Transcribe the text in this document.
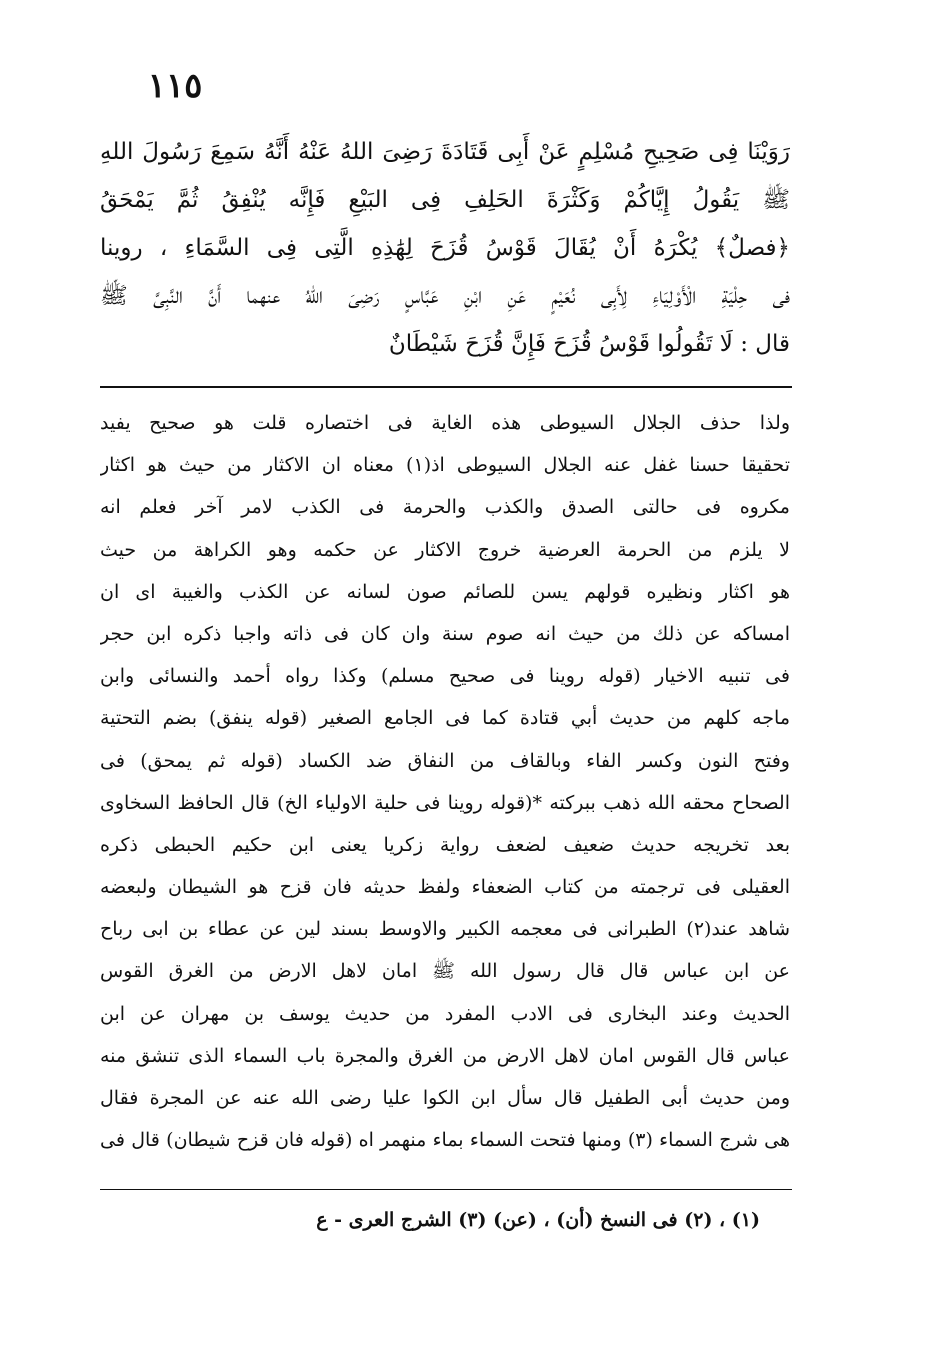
١١٥
رَوَيْنَا فِى صَحِيحِ مُسْلِمٍ عَنْ أَبِى قَتَادَةَ رَضِىَ اللهُ عَنْهُ أَنَّهُ سَمِعَ رَسُولَ اللهِ
ﷺ يَقُولُ إِيَّاكُمْ وَكَثْرَةَ الحَلِفِ فِى البَيْعِ فَإِنَّه يُنْفِقُ ثُمَّ يَمْحَقُ
﴿فصلٌ﴾ يُكْرَهُ أَنْ يُقَالَ قَوْسُ قُزَحَ لِهَٰذِهِ الَّتِى فِى السَّمَاءِ ، روينا
فى حِلْيَةِ الْأَوْلِيَاءِ لِأَبِى نُعَيْمٍ عَنِ ابْنِ عَبَّاسٍ رَضِىَ اللهُ عنهما أَنَّ النَّبِىَّ ﷺ
قال : لَا تَقُولُوا قَوْسُ قُزَحَ فَإِنَّ قُزَحَ شَيْطَانٌ
ولذا حذف الجلال السيوطى هذه الغاية فى اختصاره قلت هو صحيح يفيد
تحقيقا حسنا غفل عنه الجلال السيوطى اذ(١) معناه ان الاكثار من حيث هو اكثار
مكروه فى حالتى الصدق والكذب والحرمة فى الكذب لامر آخر فعلم انه
لا يلزم من الحرمة العرضية خروج الاكثار عن حكمه وهو الكراهة من حيث
هو اكثار ونظيره قولهم يسن للصائم صون لسانه عن الكذب والغيبة اى ان
امساكه عن ذلك من حيث انه صوم سنة وان كان فى ذاته واجبا ذكره ابن حجر
فى تنبيه الاخيار (قوله روينا فى صحيح مسلم) وكذا رواه أحمد والنسائى وابن
ماجه كلهم من حديث أبي قتادة كما فى الجامع الصغير (قوله ينفق) بضم التحتية
وفتح النون وكسر الفاء وبالقاف من النفاق ضد الكساد (قوله ثم يمحق) فى
الصحاح محقه الله ذهب ببركته *(قوله روينا فى حلية الاولياء الخ) قال الحافظ السخاوى
بعد تخريجه حديث ضعيف لضعف رواية زكريا يعنى ابن حكيم الحبطى ذكره
العقيلى فى ترجمته من كتاب الضعفاء ولفظ حديثه فان قزح هو الشيطان ولبعضه
شاهد عند(٢) الطبرانى فى معجمه الكبير والاوسط بسند لين عن عطاء بن ابى رباح
عن ابن عباس قال قال رسول الله ﷺ امان لاهل الارض من الغرق القوس
الحديث وعند البخارى فى الادب المفرد من حديث يوسف بن مهران عن ابن
عباس قال القوس امان لاهل الارض من الغرق والمجرة باب السماء الذى تنشق منه
ومن حديث أبى الطفيل قال سأل ابن الكوا عليا رضى الله عنه عن المجرة فقال
هى شرج السماء (٣) ومنها فتحت السماء بماء منهمر اه (قوله فان قزح شيطان) قال فى
(١) ، (٢) فى النسخ (أن) ، (عن) (٣) الشرج العرى - ع
